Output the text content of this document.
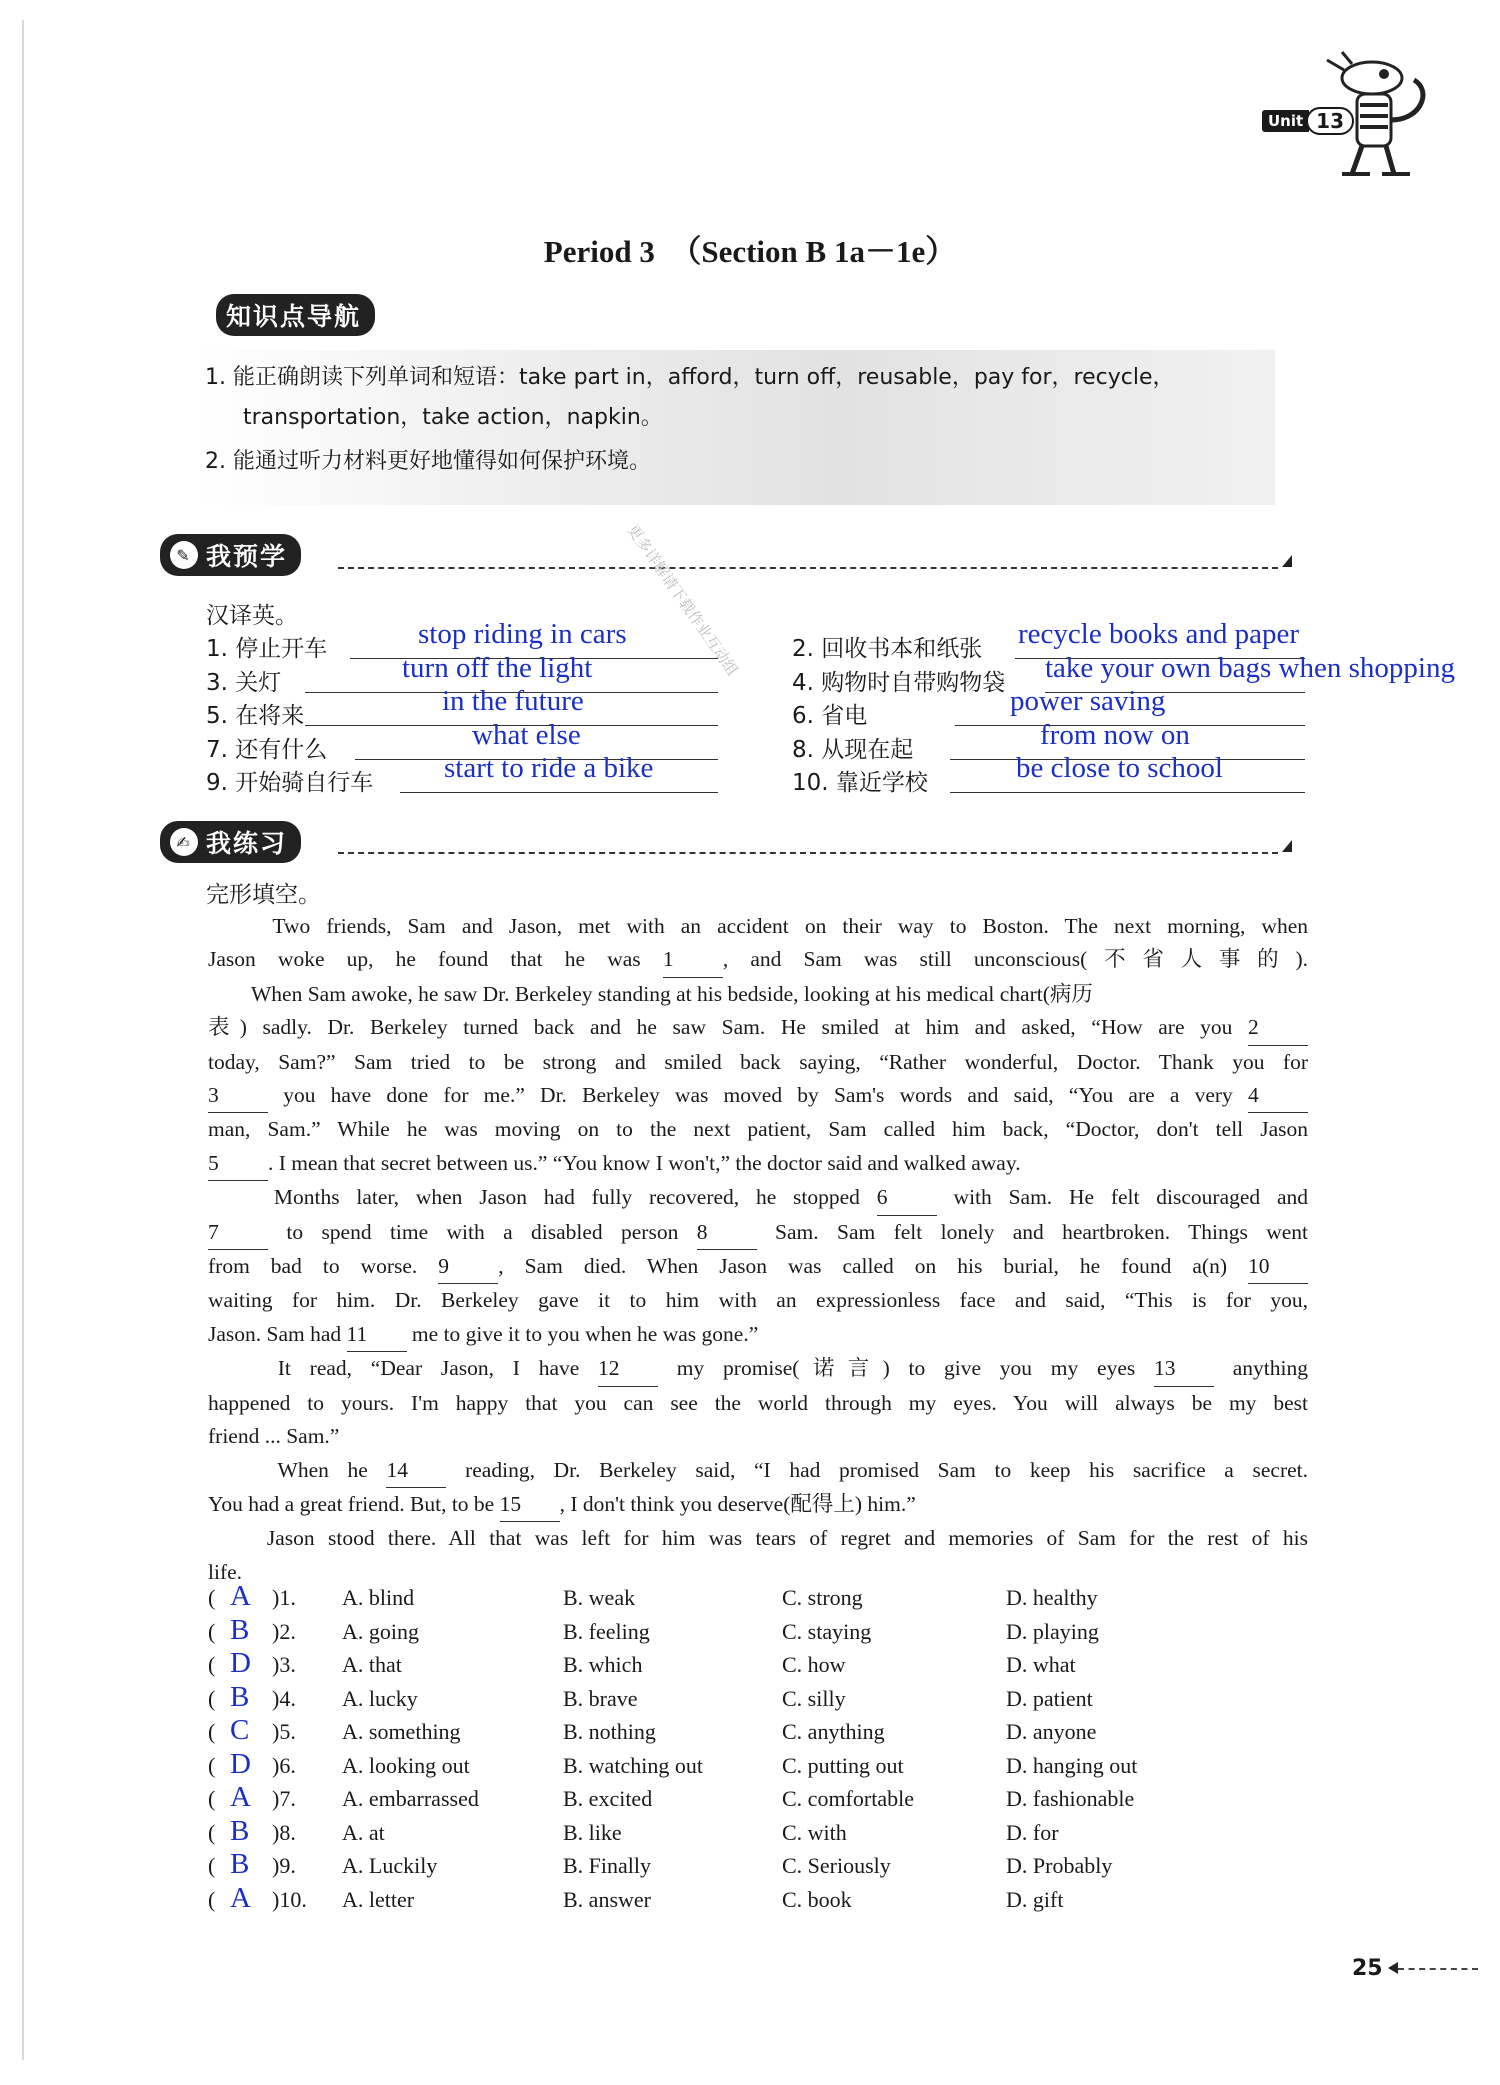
Unit 13
Period 3　（Section B 1a－1e）
知识点导航
1. 能正确朗读下列单词和短语：take part in，afford，turn off，reusable，pay for，recycle，
transportation，take action，napkin。
2. 能通过听力材料更好地懂得如何保护环境。
✎ 我预学
汉译英。
1. 停止开车	stop riding in cars	2. 回收书本和纸张 recycle books and paper
3. 关灯	turn off the light	4. 购物时自带购物袋 take your own bags when shopping
5. 在将来	in the future	6. 省电	power saving
7. 还有什么	what else	8. 从现在起	from now on
9. 开始骑自行车 start to ride a bike	10. 靠近学校	be close to school
✍ 我练习
完形填空。
　　Two friends, Sam and Jason, met with an accident on their way to Boston. The next morning, when
Jason woke up, he found that he was 1 , and Sam was still unconscious(不省人事的).
　　When Sam awoke, he saw Dr. Berkeley standing at his bedside, looking at his medical chart(病历
表) sadly. Dr. Berkeley turned back and he saw Sam. He smiled at him and asked, “How are you 2
today, Sam?” Sam tried to be strong and smiled back saying, “Rather wonderful, Doctor. Thank you for
3 you have done for me.” Dr. Berkeley was moved by Sam's words and said, “You are a very 4
man, Sam.” While he was moving on to the next patient, Sam called him back, “Doctor, don't tell Jason
5 . I mean that secret between us.” “You know I won't,” the doctor said and walked away.
　　Months later, when Jason had fully recovered, he stopped 6 with Sam. He felt discouraged and
7 to spend time with a disabled person 8 Sam. Sam felt lonely and heartbroken. Things went
from bad to worse. 9 , Sam died. When Jason was called on his burial, he found a(n) 10
waiting for him. Dr. Berkeley gave it to him with an expressionless face and said, “This is for you,
Jason. Sam had 11 me to give it to you when he was gone.”
　　It read, “Dear Jason, I have 12 my promise(诺言) to give you my eyes 13 anything
happened to yours. I'm happy that you can see the world through my eyes. You will always be my best
friend ... Sam.”
　　When he 14 reading, Dr. Berkeley said, “I had promised Sam to keep his sacrifice a secret.
You had a great friend. But, to be 15 , I don't think you deserve(配得上) him.”
　　Jason stood there. All that was left for him was tears of regret and memories of Sam for the rest of his
life.
( A )1. A. blind	B. weak	C. strong	D. healthy
( B )2. A. going	B. feeling	C. staying	D. playing
( D )3. A. that	B. which	C. how	D. what
( B )4. A. lucky	B. brave	C. silly	D. patient
( C )5. A. something	B. nothing	C. anything	D. anyone
( D )6. A. looking out	B. watching out	C. putting out	D. hanging out
( A )7. A. embarrassed	B. excited	C. comfortable	D. fashionable
( B )8. A. at	B. like	C. with	D. for
( B )9. A. Luckily	B. Finally	C. Seriously	D. Probably
( A )10. A. letter	B. answer	C. book	D. gift
更多详解请下载作业互动组
25
